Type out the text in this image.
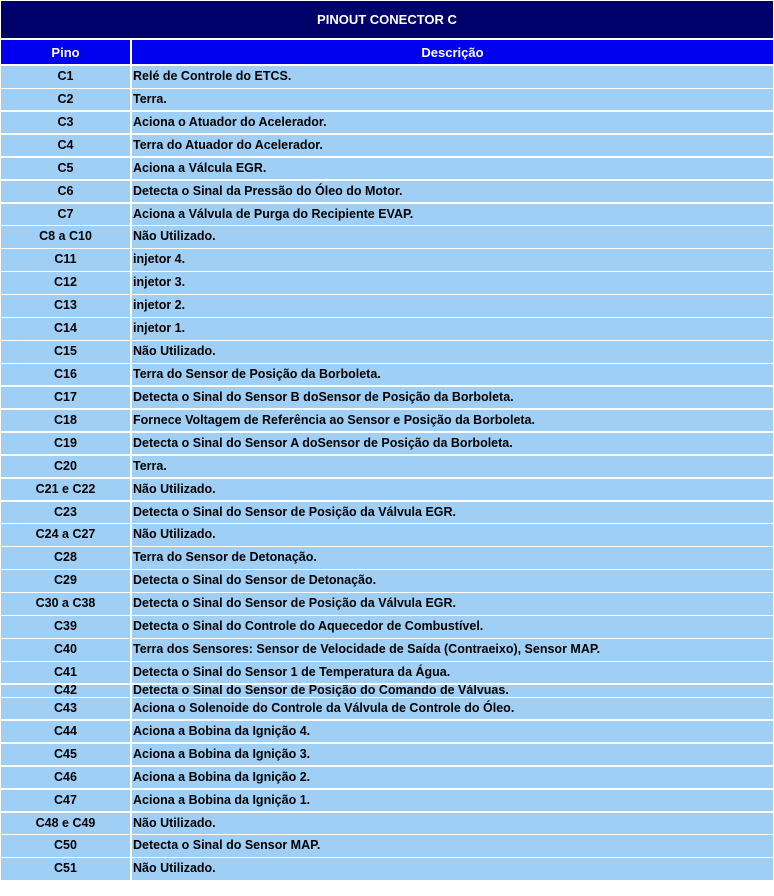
PINOUT CONECTOR C
Pino	Descrição
C1	Relé de Controle do ETCS.
C2	Terra.
C3	Aciona o Atuador do Acelerador.
C4	Terra do Atuador do Acelerador.
C5	Aciona a Válcula EGR.
C6	Detecta o Sinal da Pressão do Óleo do Motor.
C7	Aciona a Válvula de Purga do Recipiente EVAP.
C8 a C10	Não Utilizado.
C11	injetor 4.
C12	injetor 3.
C13	injetor 2.
C14	injetor 1.
C15	Não Utilizado.
C16	Terra do Sensor de Posição da Borboleta.
C17	Detecta o Sinal do Sensor B doSensor de Posição da Borboleta.
C18	Fornece Voltagem de Referência ao Sensor e Posição da Borboleta.
C19	Detecta o Sinal do Sensor A doSensor de Posição da Borboleta.
C20	Terra.
C21 e C22	Não Utilizado.
C23	Detecta o Sinal do Sensor de Posição da Válvula EGR.
C24 a C27	Não Utilizado.
C28	Terra do Sensor de Detonação.
C29	Detecta o Sinal do Sensor de Detonação.
C30 a C38	Detecta o Sinal do Sensor de Posição da Válvula EGR.
C39	Detecta o Sinal do Controle do Aquecedor de Combustível.
C40	Terra dos Sensores: Sensor de Velocidade de Saída (Contraeixo), Sensor MAP.
C41	Detecta o Sinal do Sensor 1 de Temperatura da Água.
C42	Detecta o Sinal do Sensor de Posição do Comando de Válvuas.
C43	Aciona o Solenoide do Controle da Válvula de Controle do Óleo.
C44	Aciona a Bobina da Ignição 4.
C45	Aciona a Bobina da Ignição 3.
C46	Aciona a Bobina da Ignição 2.
C47	Aciona a Bobina da Ignição 1.
C48 e C49	Não Utilizado.
C50	Detecta o Sinal do Sensor MAP.
C51	Não Utilizado.
